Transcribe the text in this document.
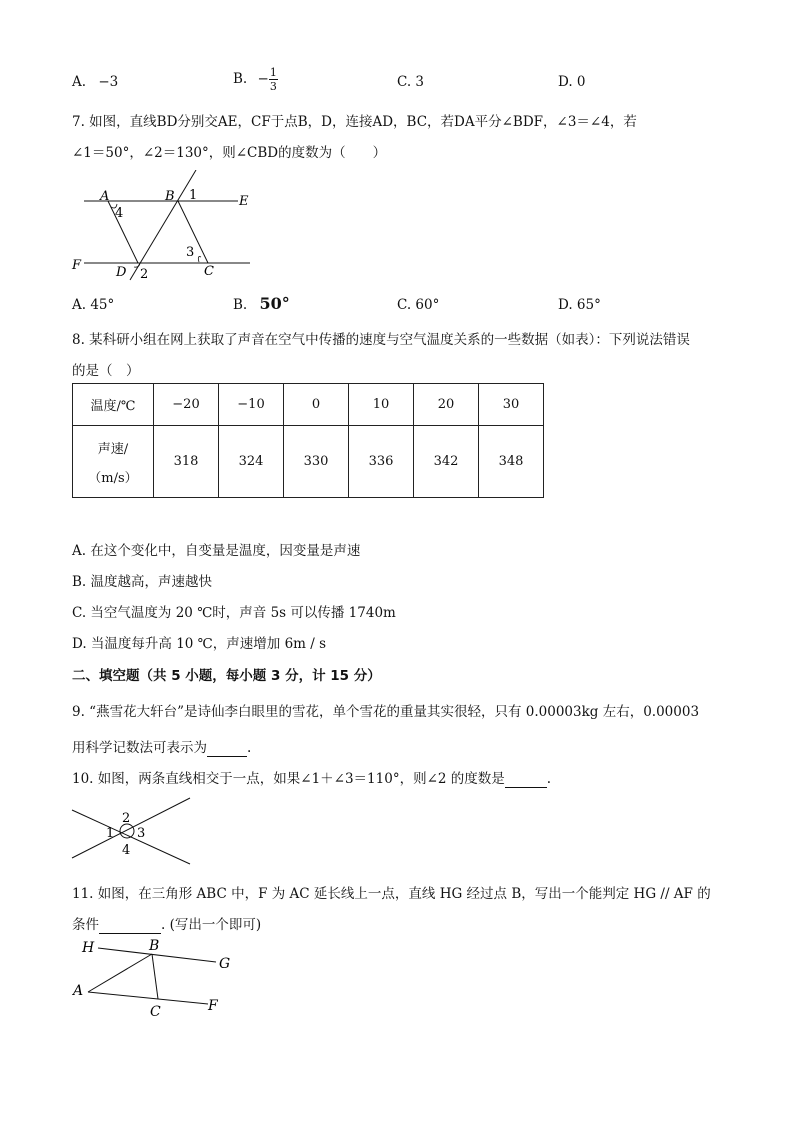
A. −3	B. − $\frac{1}{3}$	C. 3	D. 0
7. 如图，直线BD分别交AE，CF于点B，D，连接AD，BC，若DA平分∠BDF，∠3＝∠4，若
∠1＝50°，∠2＝130°，则∠CBD的度数为（　　）
A	B 1	E
4
3
F	D 2	C
A. 45°	B. 50°	C. 60°	D. 65°
8. 某科研小组在网上获取了声音在空气中传播的速度与空气温度关系的一些数据（如表）：下列说法错误
的是（　）
温度/℃	−20	−10	0	10	20	30

声速/
（m/s）	318	324	330	336	342	348
A. 在这个变化中，自变量是温度，因变量是声速
B. 温度越高，声速越快
C. 当空气温度为 20 ℃时，声音 5s 可以传播 1740m
D. 当温度每升高 10 ℃，声速增加 6m / s
二、填空题（共 5 小题，每小题 3 分，计 15 分）
9. “燕雪花大轩台”是诗仙李白眼里的雪花，单个雪花的重量其实很轻，只有 0.00003kg 左右，0.00003
用科学记数法可表示为	.
10. 如图，两条直线相交于一点，如果∠1＋∠3＝110°，则∠2 的度数是	.
2
1 3
4
11. 如图，在三角形 ABC 中，F 为 AC 延长线上一点，直线 HG 经过点 B，写出一个能判定 HG // AF 的
条件	. (写出一个即可)
H	B
G
A
C	F
